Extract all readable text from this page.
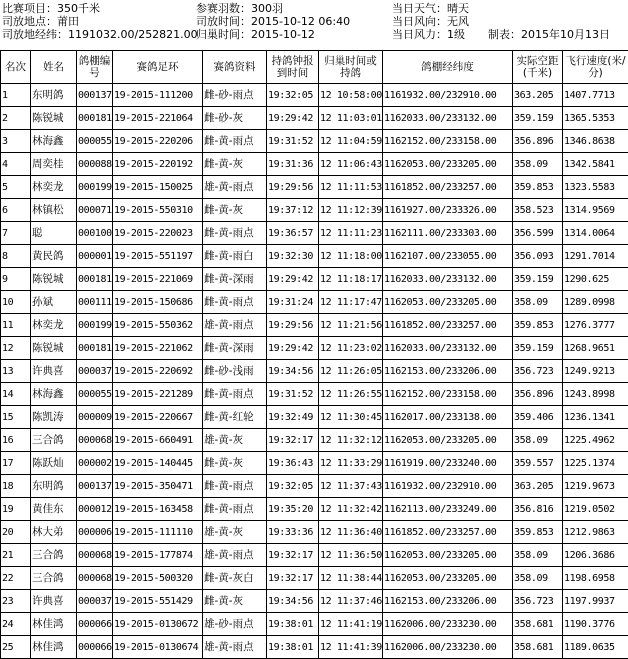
比赛项目：350千米	参赛羽数：300羽	当日天气：晴天
司放地点：莆田	司放时间：2015-10-12 06:40	当日风向：无风
司放地经纬：1191032.00/252821.00
归巢时间：2015-10-12	当日风力：1级 制表：2015年10月13日
名次	姓名	鸽棚编号	赛鸽足环	赛鸽资料	持鸽钟报到时间	归巢时间或持鸽	鸽棚经纬度	实际空距(千米)	飞行速度(米/分)
1	东明鸽	000137	19-2015-111200	雌-砂-雨点	19:32:05	12 10:58:00	1161932.00/232910.00	363.205	1407.7713
2	陈锐城	000181	19-2015-221064	雌-砂-灰	19:29:42	12 11:03:01	1162033.00/233132.00	359.159	1365.5353
3	林海鑫	000055	19-2015-220206	雌-黄-雨点	19:31:52	12 11:04:59	1162152.00/233158.00	356.896	1346.8638
4	周奕桂	000088	19-2015-220192	雌-黄-灰	19:31:36	12 11:06:43	1162053.00/233205.00	358.09	1342.5841
5	林奕龙	000199	19-2015-150025	雄-黄-雨点	19:29:56	12 11:11:53	1161852.00/233257.00	359.853	1323.5583
6	林镇松	000071	19-2015-550310	雌-黄-灰	19:37:12	12 11:12:39	1161927.00/233326.00	358.523	1314.9569
7	聪	000100	19-2015-220023	雌-黄-雨点	19:36:57	12 11:11:23	1162111.00/233303.00	356.599	1314.0064
8	黄民鸽	000001	19-2015-551197	雌-黄-雨白	19:32:30	12 11:18:00	1162107.00/233055.00	356.093	1291.7014
9	陈锐城	000181	19-2015-221069	雌-黄-深雨	19:29:42	12 11:18:17	1162033.00/233132.00	359.159	1290.625
10	孙斌	000111	19-2015-150686	雌-黄-雨点	19:31:24	12 11:17:47	1162053.00/233205.00	358.09	1289.0998
11	林奕龙	000199	19-2015-550362	雄-黄-雨点	19:29:56	12 11:21:56	1161852.00/233257.00	359.853	1276.3777
12	陈锐城	000181	19-2015-221062	雌-黄-深雨	19:29:42	12 11:23:02	1162033.00/233132.00	359.159	1268.9651
13	许典喜	000037	19-2015-220692	雌-砂-浅雨	19:34:56	12 11:26:05	1162153.00/233206.00	356.723	1249.9213
14	林海鑫	000055	19-2015-221289	雌-黄-雨点	19:31:52	12 11:26:55	1162152.00/233158.00	356.896	1243.8998
15	陈凯涛	000009	19-2015-220667	雌-黄-红轮	19:32:49	12 11:30:45	1162017.00/233138.00	359.406	1236.1341
16	三合鸽	000068	19-2015-660491	雄-黄-灰	19:32:17	12 11:32:12	1162053.00/233205.00	358.09	1225.4962
17	陈跃灿	000002	19-2015-140445	雌-黄-灰	19:36:43	12 11:33:29	1161919.00/233240.00	359.557	1225.1374
18	东明鸽	000137	19-2015-350471	雌-黄-雨点	19:32:05	12 11:37:43	1161932.00/232910.00	363.205	1219.9673
19	黄佳东	000012	19-2015-163458	雌-黄-雨点	19:35:20	12 11:32:42	1162113.00/233249.00	356.816	1219.0502
20	林大弟	000006	19-2015-111110	雄-黄-灰	19:33:36	12 11:36:40	1161852.00/233257.00	359.853	1212.9863
21	三合鸽	000068	19-2015-177874	雄-黄-雨点	19:32:17	12 11:36:50	1162053.00/233205.00	358.09	1206.3686
22	三合鸽	000068	19-2015-500320	雌-黄-灰白	19:32:17	12 11:38:44	1162053.00/233205.00	358.09	1198.6958
23	许典喜	000037	19-2015-551429	雌-黄-灰	19:34:56	12 11:37:46	1162153.00/233206.00	356.723	1197.9937
24	林佳鸿	000066	19-2015-0130672	雄-砂-雨点	19:38:01	12 11:41:19	1162006.00/233230.00	358.681	1190.3776
25	林佳鸿	000066	19-2015-0130674	雄-黄-雨点	19:38:01	12 11:41:39	1162006.00/233230.00	358.681	1189.0635
